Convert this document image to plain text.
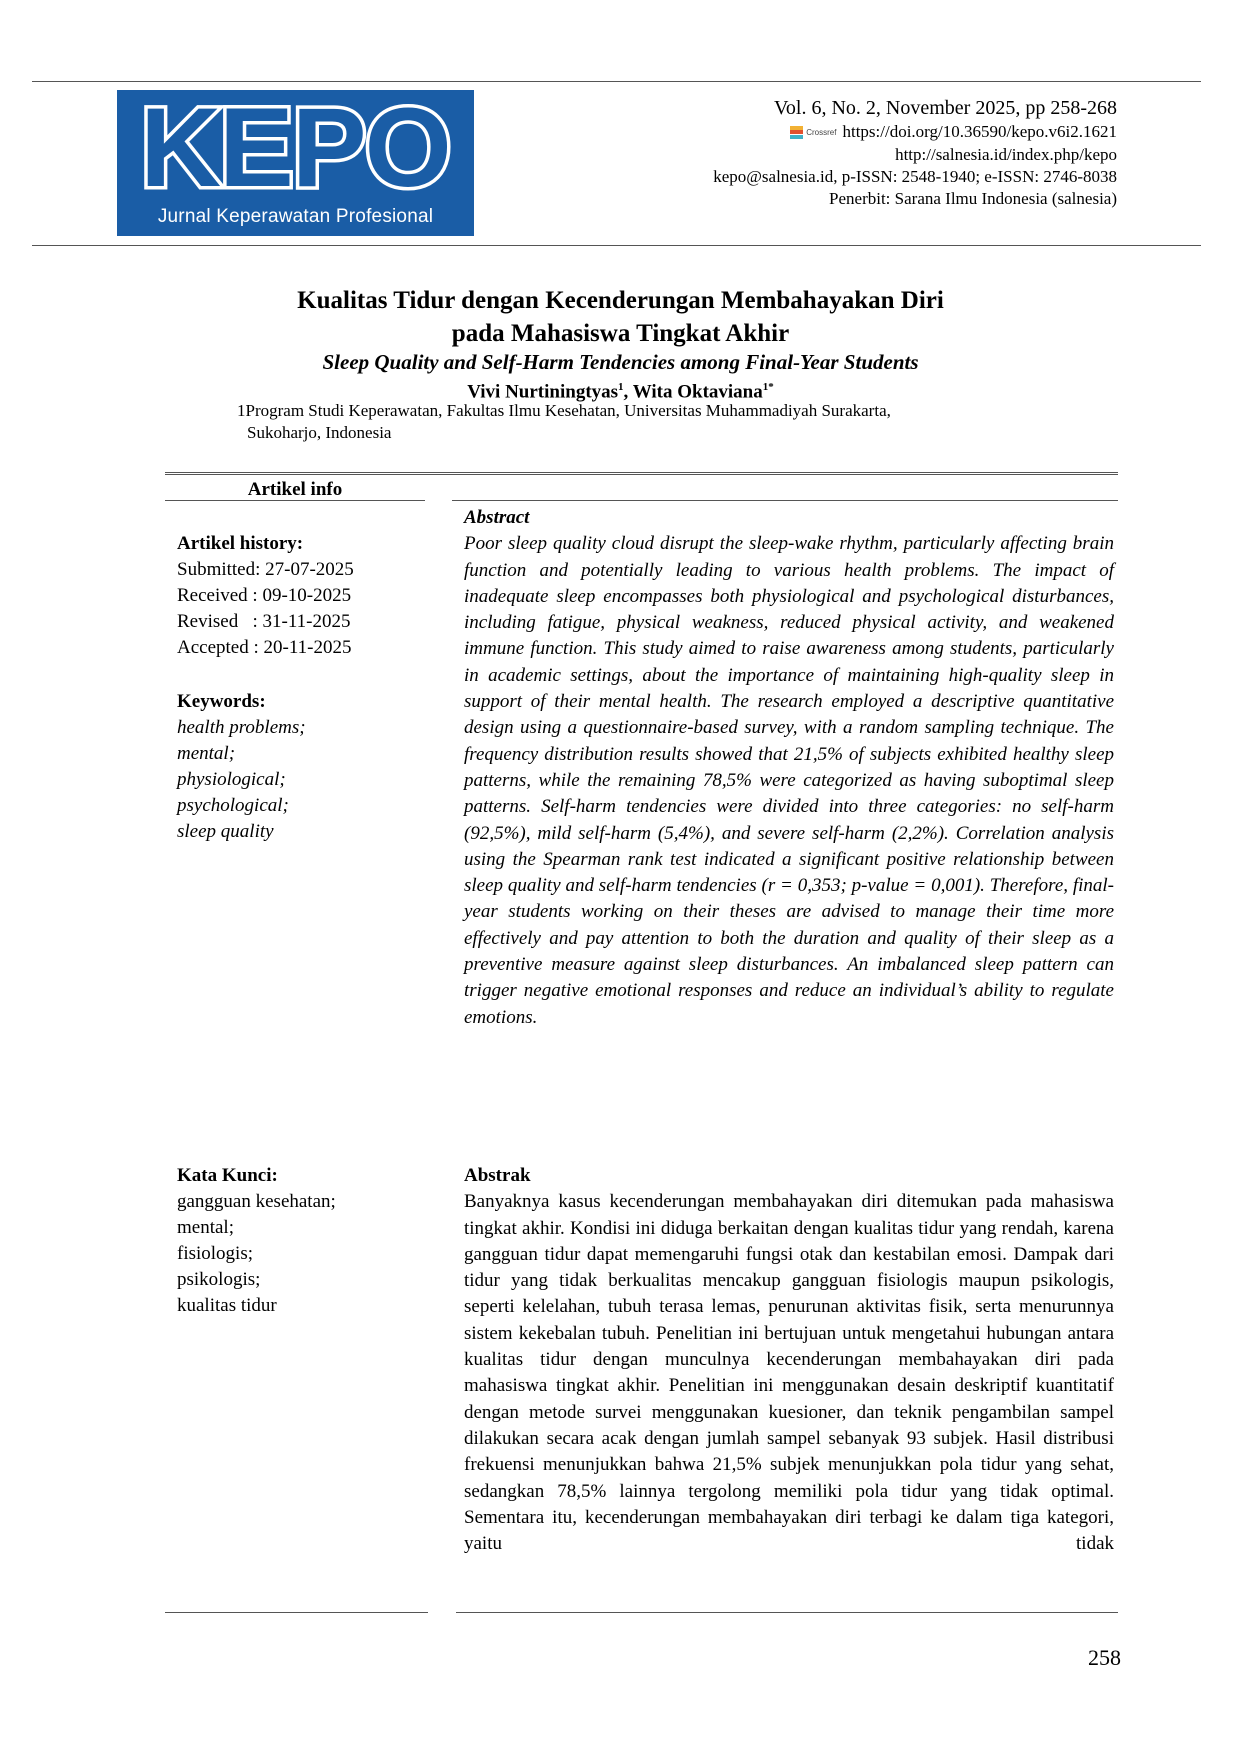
KEPO
Jurnal Keperawatan Profesional
Vol. 6, No. 2, November 2025, pp 258-268
Crossref https://doi.org/10.36590/kepo.v6i2.1621
http://salnesia.id/index.php/kepo
kepo@salnesia.id, p-ISSN: 2548-1940; e-ISSN: 2746-8038
Penerbit: Sarana Ilmu Indonesia (salnesia)
Kualitas Tidur dengan Kecenderungan Membahayakan Diri
pada Mahasiswa Tingkat Akhir
Sleep Quality and Self-Harm Tendencies among Final-Year Students
Vivi Nurtiningtyas$^1$, Wita Oktaviana$^{1*}$
1Program Studi Keperawatan, Fakultas Ilmu Kesehatan, Universitas Muhammadiyah Surakarta,
Sukoharjo, Indonesia
Artikel info
Artikel history:
Submitted: 27-07-2025
Received : 09-10-2025
Revised   : 31-11-2025
Accepted : 20-11-2025
Keywords:
health problems;
mental;
physiological;
psychological;
sleep quality
Kata Kunci:
gangguan kesehatan;
mental;
fisiologis;
psikologis;
kualitas tidur
Abstract
Poor sleep quality cloud disrupt the sleep-wake rhythm, particularly affecting brain function and potentially leading to various health problems. The impact of inadequate sleep encompasses both physiological and psychological disturbances, including fatigue, physical weakness, reduced physical activity, and weakened immune function. This study aimed to raise awareness among students, particularly in academic settings, about the importance of maintaining high-quality sleep in support of their mental health. The research employed a descriptive quantitative design using a questionnaire-based survey, with a random sampling technique. The frequency distribution results showed that 21,5% of subjects exhibited healthy sleep patterns, while the remaining 78,5% were categorized as having suboptimal sleep patterns. Self-harm tendencies were divided into three categories: no self-harm (92,5%), mild self-harm (5,4%), and severe self-harm (2,2%). Correlation analysis using the Spearman rank test indicated a significant positive relationship between sleep quality and self-harm tendencies (r = 0,353; p-value = 0,001). Therefore, final-year students working on their theses are advised to manage their time more effectively and pay attention to both the duration and quality of their sleep as a preventive measure against sleep disturbances. An imbalanced sleep pattern can trigger negative emotional responses and reduce an individual’s ability to regulate emotions.
Abstrak
Banyaknya kasus kecenderungan membahayakan diri ditemukan pada mahasiswa tingkat akhir. Kondisi ini diduga berkaitan dengan kualitas tidur yang rendah, karena gangguan tidur dapat memengaruhi fungsi otak dan kestabilan emosi. Dampak dari tidur yang tidak berkualitas mencakup gangguan fisiologis maupun psikologis, seperti kelelahan, tubuh terasa lemas, penurunan aktivitas fisik, serta menurunnya sistem kekebalan tubuh. Penelitian ini bertujuan untuk mengetahui hubungan antara kualitas tidur dengan munculnya kecenderungan membahayakan diri pada mahasiswa tingkat akhir. Penelitian ini menggunakan desain deskriptif kuantitatif dengan metode survei menggunakan kuesioner, dan teknik pengambilan sampel dilakukan secara acak dengan jumlah sampel sebanyak 93 subjek. Hasil distribusi frekuensi menunjukkan bahwa 21,5% subjek menunjukkan pola tidur yang sehat, sedangkan 78,5% lainnya tergolong memiliki pola tidur yang tidak optimal. Sementara itu, kecenderungan membahayakan diri terbagi ke dalam tiga kategori, yaitu tidak
258
